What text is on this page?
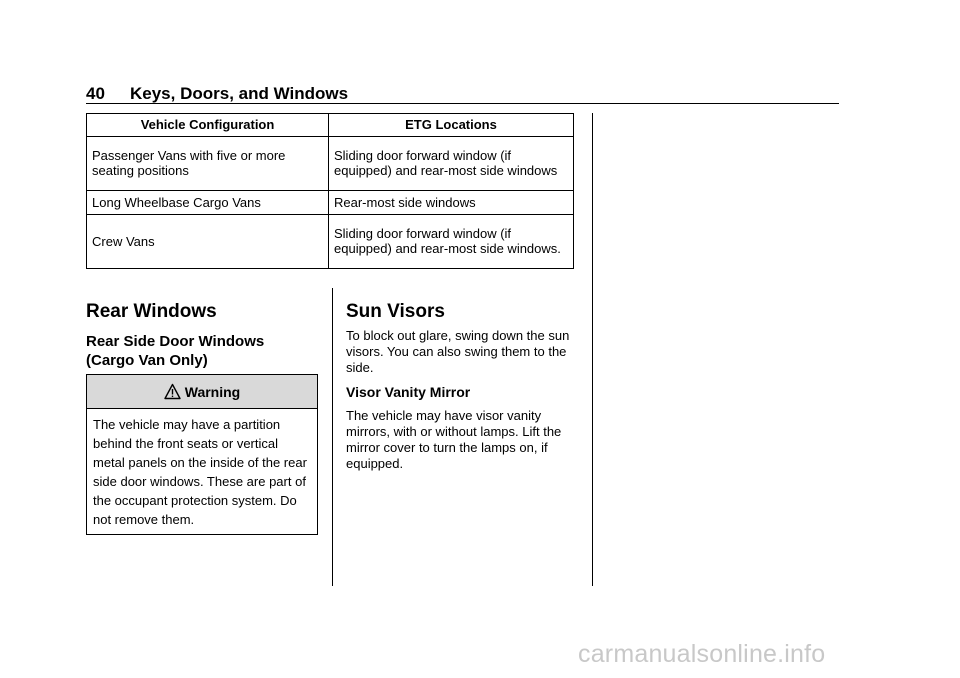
40 Keys, Doors, and Windows
Vehicle Configuration	ETG Locations
Passenger Vans with five or more seating positions	Sliding door forward window (if equipped) and rear-most side windows
Long Wheelbase Cargo Vans	Rear-most side windows
Crew Vans	Sliding door forward window (if equipped) and rear-most side windows.
Rear Windows
Rear Side Door Windows (Cargo Van Only)
Warning

The vehicle may have a partition behind the front seats or vertical metal panels on the inside of the rear side door windows. These are part of the occupant protection system. Do not remove them.

Sun Visors

To block out glare, swing down the sun visors. You can also swing them to the side.

Visor Vanity Mirror

The vehicle may have visor vanity mirrors, with or without lamps. Lift the mirror cover to turn the lamps on, if equipped.

carmanualsonline.info
